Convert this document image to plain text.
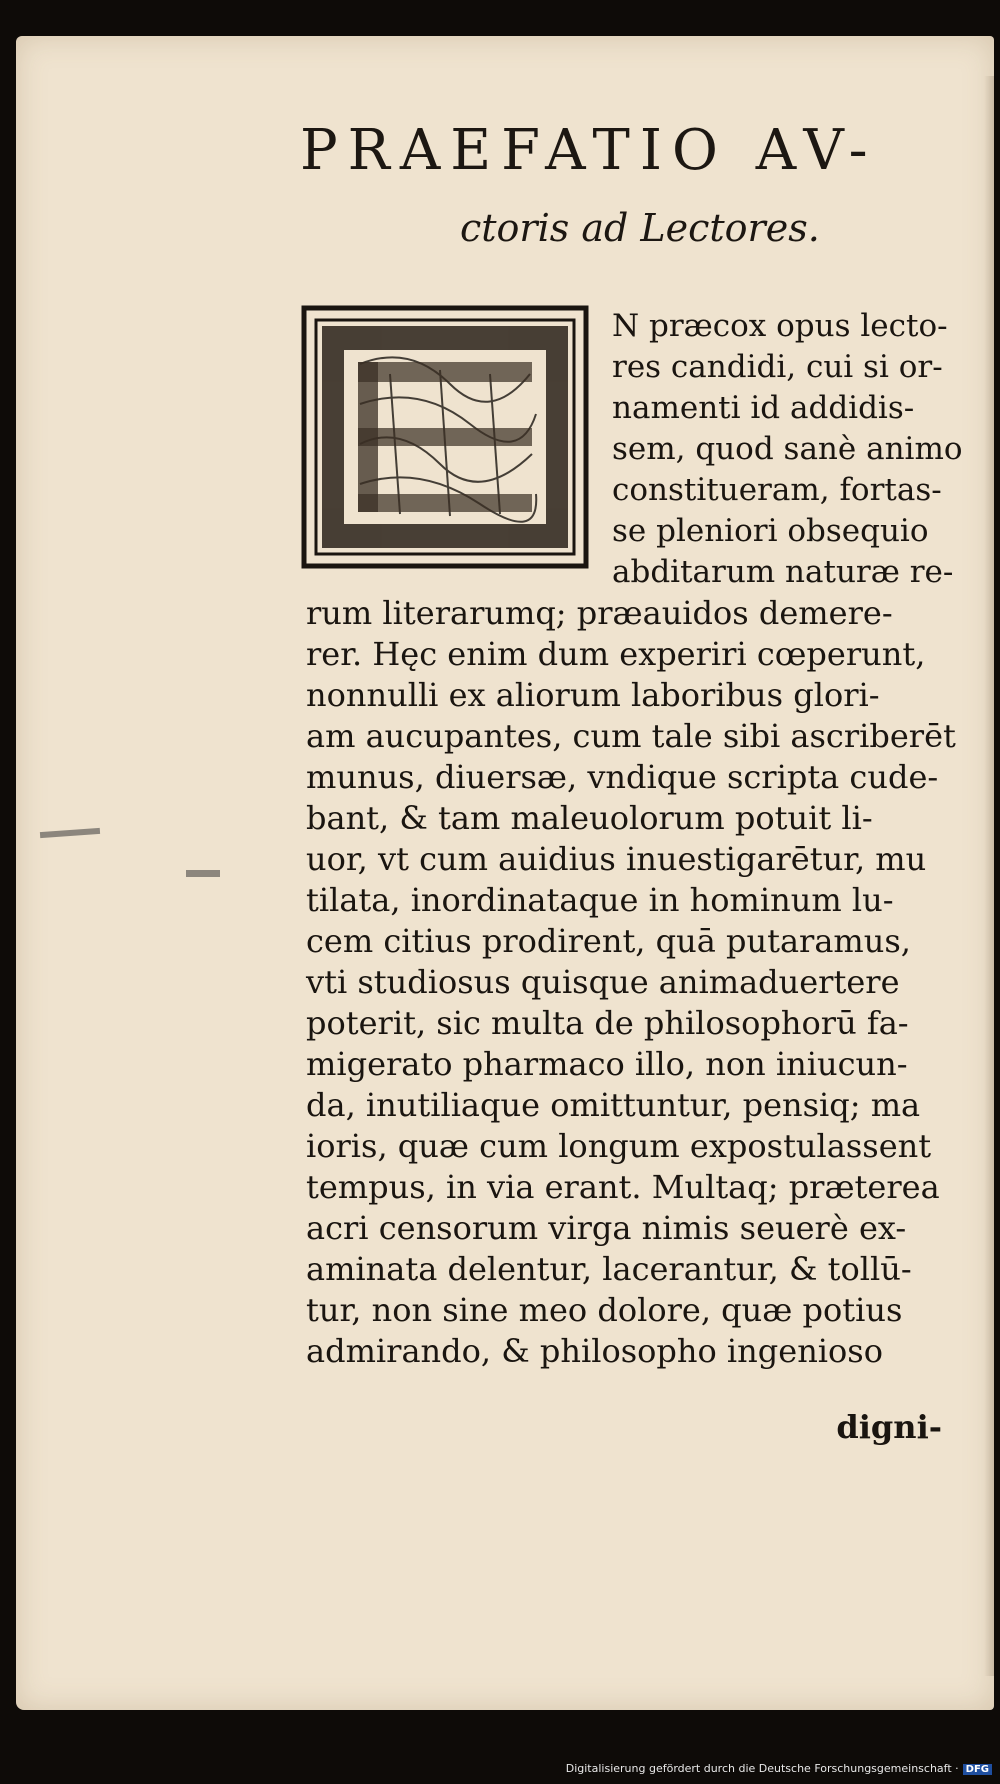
PRAEFATIO AV-
ctoris ad Lectores.
N præcox opus lecto-
res candidi, cui si or-
namenti id addidis-
sem, quod sanè animo
constitueram, fortas-
se pleniori obsequio
abditarum naturæ re-
rum literarumq; præauidos demere-
rer. Hęc enim dum experiri cœperunt,
nonnulli ex aliorum laboribus glori-
am aucupantes, cum tale sibi ascriberēt
munus, diuersæ, vndique scripta cude-
bant, & tam maleuolorum potuit li-
uor, vt cum auidius inuestigarētur, mu
tilata, inordinataque in hominum lu-
cem citius prodirent, quā putaramus,
vti studiosus quisque animaduertere
poterit, sic multa de philosophorū fa-
migerato pharmaco illo, non iniucun-
da, inutiliaque omittuntur, pensiq; ma
ioris, quæ cum longum expostulassent
tempus, in via erant. Multaq; præterea
acri censorum virga nimis seuerè ex-
aminata delentur, lacerantur, & tollū-
tur, non sine meo dolore, quæ potius
admirando, & philosopho ingenioso
digni-
Digitalisierung gefördert durch die Deutsche Forschungsgemeinschaft · DFG
